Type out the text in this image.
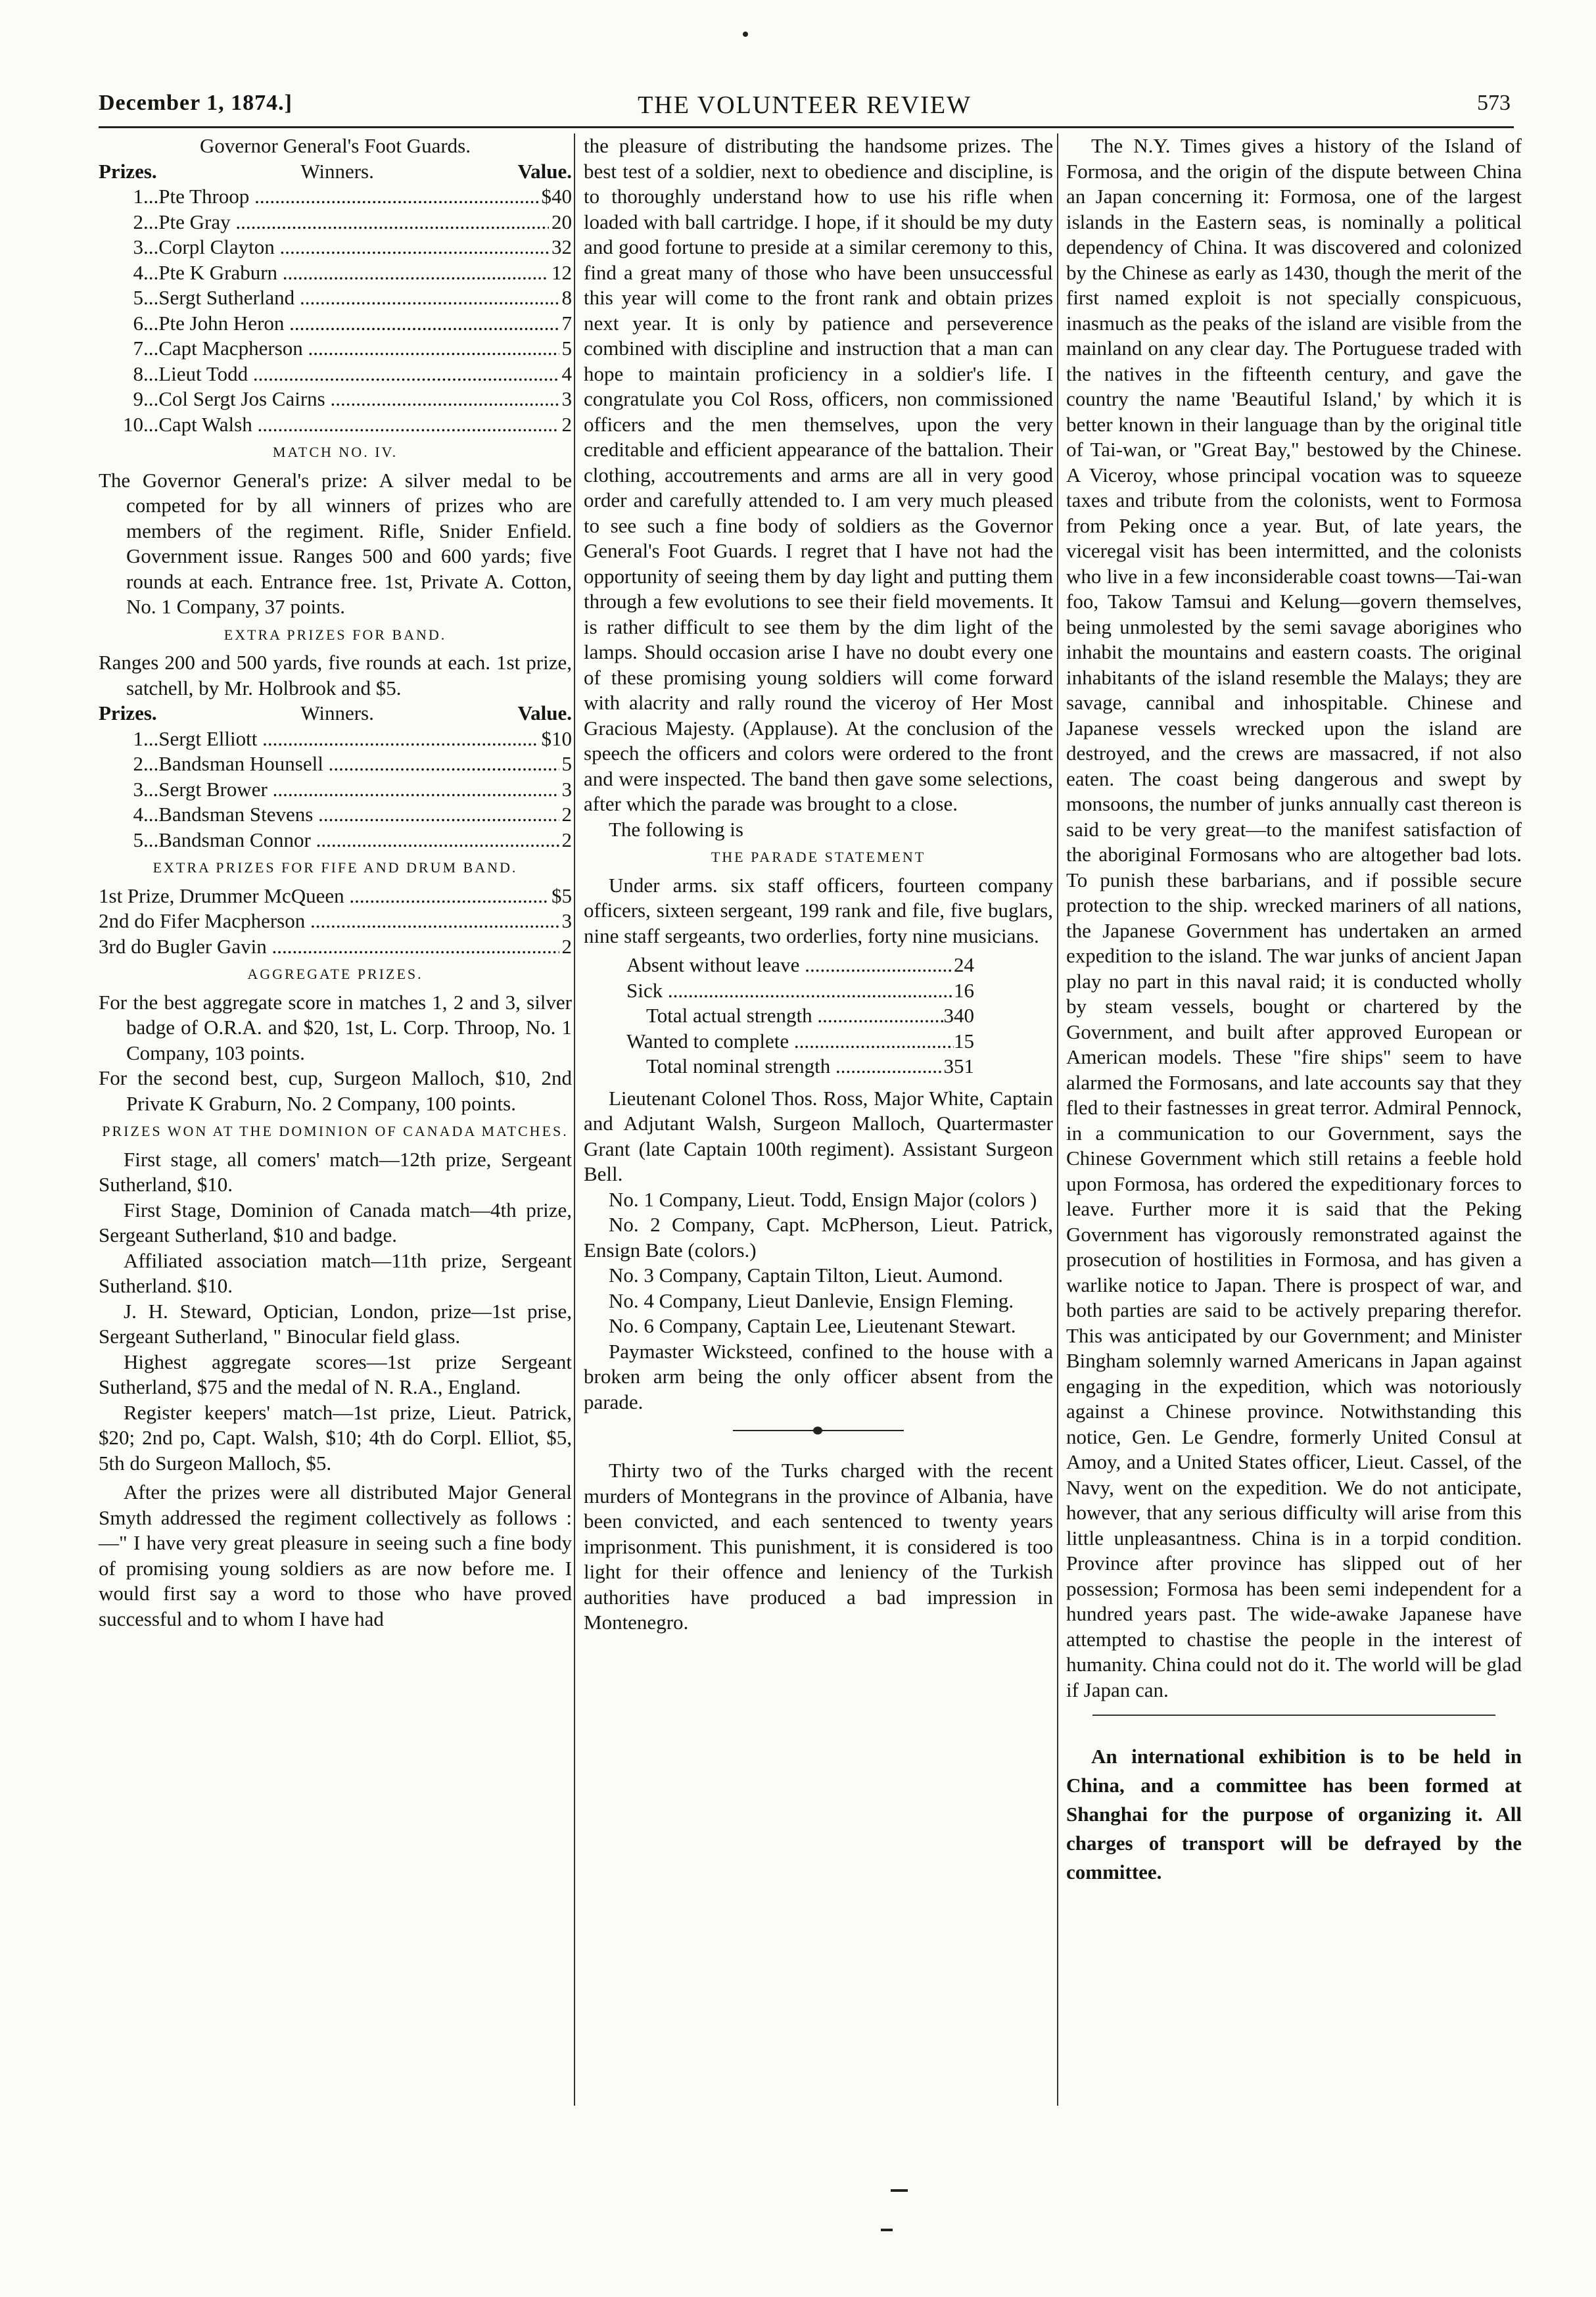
December 1, 1874.]	THE VOLUNTEER REVIEW	573

Governor General's Foot Guards.

Prizes.	Winners.	Value.
1 ... Pte Throop .....	$40
2 ... Pte Gray .....	20
3 ... Corpl Clayton .....	32
4 ... Pte K Graburn .....	12
5 ... Sergt Sutherland .....	8
6 ... Pte John Heron .....	7
7 ... Capt Macpherson .....	5
8 ... Lieut Todd .....	4
9 ... Col Sergt Jos Cairns .....	3
10 ... Capt Walsh .....	2

MATCH NO. IV.

The Governor General's prize: A silver medal to be competed for by all winners of prizes who are members of the regiment. Rifle, Snider Enfield. Government issue. Ranges 500 and 600 yards; five rounds at each. Entrance free. 1st, Private A. Cotton, No. 1 Company, 37 points.

EXTRA PRIZES FOR BAND.

Ranges 200 and 500 yards, five rounds at each. 1st prize, satchell, by Mr. Holbrook and $5.

Prizes.	Winners.	Value.
1 ... Sergt Elliott .....	$10
2 ... Bandsman Hounsell .....	5
3 ... Sergt Brower .....	3
4 ... Bandsman Stevens .....	2
5 ... Bandsman Connor .....	2

EXTRA PRIZES FOR FIFE AND DRUM BAND.

1st Prize, Drummer McQueen .....	$5
2nd do Fifer Macpherson .....	3
3rd do Bugler Gavin .....	2

AGGREGATE PRIZES.

For the best aggregate score in matches 1, 2 and 3, silver badge of O.R.A. and $20, 1st, L. Corp. Throop, No. 1 Company, 103 points.

For the second best, cup, Surgeon Malloch, $10, 2nd Private K Graburn, No. 2 Company, 100 points.

PRIZES WON AT THE DOMINION OF CANADA MATCHES.

First stage, all comers' match—12th prize, Sergeant Sutherland, $10.

First Stage, Dominion of Canada match—4th prize, Sergeant Sutherland, $10 and badge.

Affiliated association match—11th prize, Sergeant Sutherland. $10.

J. H. Steward, Optician, London, prize—1st prise, Sergeant Sutherland, " Binocular field glass.

Highest aggregate scores—1st prize Sergeant Sutherland, $75 and the medal of N. R.A., England.

Register keepers' match—1st prize, Lieut. Patrick, $20; 2nd po, Capt. Walsh, $10; 4th do Corpl. Elliot, $5, 5th do Surgeon Malloch, $5.

After the prizes were all distributed Major General Smyth addressed the regiment collectively as follows :—" I have very great pleasure in seeing such a fine body of promising young soldiers as are now before me. I would first say a word to those who have proved successful and to whom I have had

the pleasure of distributing the handsome prizes. The best test of a soldier, next to obedience and discipline, is to thoroughly understand how to use his rifle when loaded with ball cartridge. I hope, if it should be my duty and good fortune to preside at a similar ceremony to this, find a great many of those who have been unsuccessful this year will come to the front rank and obtain prizes next year. It is only by patience and perseverence combined with discipline and instruction that a man can hope to maintain proficiency in a soldier's life. I congratulate you Col Ross, officers, non commissioned officers and the men themselves, upon the very creditable and efficient appearance of the battalion. Their clothing, accoutrements and arms are all in very good order and carefully attended to. I am very much pleased to see such a fine body of soldiers as the Governor General's Foot Guards. I regret that I have not had the opportunity of seeing them by day light and putting them through a few evolutions to see their field movements. It is rather difficult to see them by the dim light of the lamps. Should occasion arise I have no doubt every one of these promising young soldiers will come forward with alacrity and rally round the viceroy of Her Most Gracious Majesty. (Applause). At the conclusion of the speech the officers and colors were ordered to the front and were inspected. The band then gave some selections, after which the parade was brought to a close.

The following is

THE PARADE STATEMENT

Under arms. six staff officers, fourteen company officers, sixteen sergeant, 199 rank and file, five buglars, nine staff sergeants, two orderlies, forty nine musicians.

Absent without leave .....	24
Sick .....	16
Total actual strength .....	340
Wanted to complete .....	15
Total nominal strength .....	351

Lieutenant Colonel Thos. Ross, Major White, Captain and Adjutant Walsh, Surgeon Malloch, Quartermaster Grant (late Captain 100th regiment). Assistant Surgeon Bell.

No. 1 Company, Lieut. Todd, Ensign Major (colors )

No. 2 Company, Capt. McPherson, Lieut. Patrick, Ensign Bate (colors.)

No. 3 Company, Captain Tilton, Lieut. Aumond.

No. 4 Company, Lieut Danlevie, Ensign Fleming.

No. 6 Company, Captain Lee, Lieutenant Stewart.

Paymaster Wicksteed, confined to the house with a broken arm being the only officer absent from the parade.

Thirty two of the Turks charged with the recent murders of Montegrans in the province of Albania, have been convicted, and each sentenced to twenty years imprisonment. This punishment, it is considered is too light for their offence and leniency of the Turkish authorities have produced a bad impression in Montenegro.

The N.Y. Times gives a history of the Island of Formosa, and the origin of the dispute between China an Japan concerning it: Formosa, one of the largest islands in the Eastern seas, is nominally a political dependency of China. It was discovered and colonized by the Chinese as early as 1430, though the merit of the first named exploit is not specially conspicuous, inasmuch as the peaks of the island are visible from the mainland on any clear day. The Portuguese traded with the natives in the fifteenth century, and gave the country the name 'Beautiful Island,' by which it is better known in their language than by the original title of Tai-wan, or "Great Bay," bestowed by the Chinese. A Viceroy, whose principal vocation was to squeeze taxes and tribute from the colonists, went to Formosa from Peking once a year. But, of late years, the viceregal visit has been intermitted, and the colonists who live in a few inconsiderable coast towns—Tai-wan foo, Takow Tamsui and Kelung—govern themselves, being unmolested by the semi savage aborigines who inhabit the mountains and eastern coasts. The original inhabitants of the island resemble the Malays; they are savage, cannibal and inhospitable. Chinese and Japanese vessels wrecked upon the island are destroyed, and the crews are massacred, if not also eaten. The coast being dangerous and swept by monsoons, the number of junks annually cast thereon is said to be very great—to the manifest satisfaction of the aboriginal Formosans who are altogether bad lots. To punish these barbarians, and if possible secure protection to the ship. wrecked mariners of all nations, the Japanese Government has undertaken an armed expedition to the island. The war junks of ancient Japan play no part in this naval raid; it is conducted wholly by steam vessels, bought or chartered by the Government, and built after approved European or American models. These "fire ships" seem to have alarmed the Formosans, and late accounts say that they fled to their fastnesses in great terror. Admiral Pennock, in a communication to our Government, says the Chinese Government which still retains a feeble hold upon Formosa, has ordered the expeditionary forces to leave. Further more it is said that the Peking Government has vigorously remonstrated against the prosecution of hostilities in Formosa, and has given a warlike notice to Japan. There is prospect of war, and both parties are said to be actively preparing therefor. This was anticipated by our Government; and Minister Bingham solemnly warned Americans in Japan against engaging in the expedition, which was notoriously against a Chinese province. Notwithstanding this notice, Gen. Le Gendre, formerly United Consul at Amoy, and a United States officer, Lieut. Cassel, of the Navy, went on the expedition. We do not anticipate, however, that any serious difficulty will arise from this little unpleasantness. China is in a torpid condition. Province after province has slipped out of her possession; Formosa has been semi independent for a hundred years past. The wide-awake Japanese have attempted to chastise the people in the interest of humanity. China could not do it. The world will be glad if Japan can.

An international exhibition is to be held in China, and a committee has been formed at Shanghai for the purpose of organizing it. All charges of transport will be defrayed by the committee.
